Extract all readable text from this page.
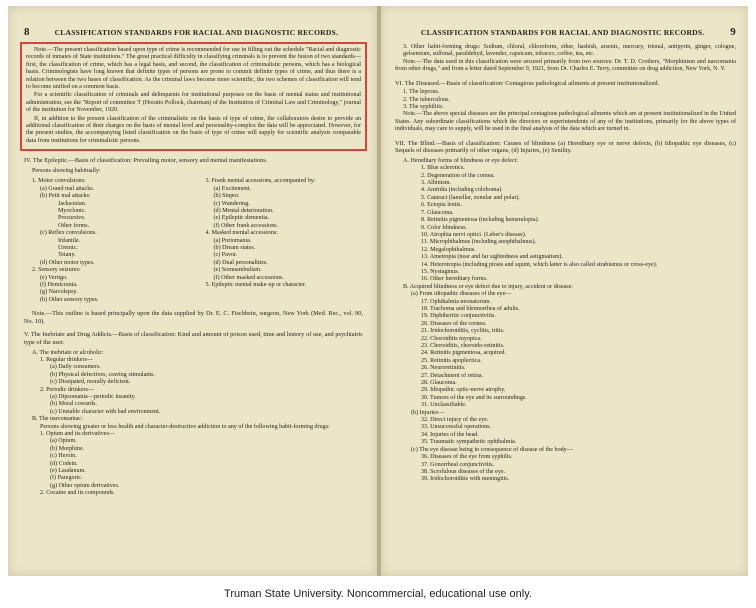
8	CLASSIFICATION STANDARDS FOR RACIAL AND DIAGNOSTIC RECORDS.

Note.—The present classification based upon type of crime is recommended for use in filling out the schedule "Racial and diagnostic records of inmates of State institutions." The great practical difficulty in classifying criminals is to prevent the fusion of two standards—first, the classification of crime, which has a legal basis, and second, the classification of criminalistic persons, which has a biological basis. Criminologists have long known that definite types of persons are prone to commit definite types of crime, and thus there is a relation between the two bases of classification. As the criminal laws become more scientific, the two schemes of classification will tend to become unified on a common basis.

For a scientific classification of criminals and delinquents for institutional purposes on the basis of mental status and institutional administration, see the "Report of committee 'I' (Horatio Pollock, chairman) of the Institution of Criminal Law and Criminology," journal of the institution for November, 1920.

If, in addition to the present classification of the criminalistic on the basis of type of crime, the collaborators desire to provide an additional classification of their charges on the basis of mental level and personality-complex the data will be appreciated. However, for the present studies, the accompanying listed classification on the basis of type of crime will supply for scientific analysis comparable data from institutions for criminalistic persons.

IV. The Epileptic.—Basis of classification: Prevailing motor, sensory and mental manifestations.

Persons showing habitually:

1. Motor convulsions:
(a) Grand mal attacks.
(b) Petit mal attacks:
Jacksonian.
Myoclonic.
Procursive.
Other forms.
(c) Reflex convulsions.
Infantile.
Uremic.
Tetany.
(d) Other motor types.
2. Sensory seizures:
(e) Vertigo.
(f) Hemicrania.
(g) Narcolepsy.
(h) Other sensory types.
3. Frank mental accessions, accompanied by:
(a) Excitement.
(b) Stupor.
(c) Wandering.
(d) Mental deterioration.
(e) Epileptic dementia.
(f) Other frank accessions.
4. Masked mental accessions:
(a) Poriomania.
(b) Dream states.
(c) Pavor.
(d) Dual personalities.
(e) Somnambulism.
(f) Other masked accessions.
5. Epileptic mental make-up or character.

Note.—This outline is based principally upon the data supplied by Dr. E. C. Fischbein, surgeon, New York (Med. Rec., vol. 90, No. 10).

V. The Inebriate and Drug Addicts.—Basis of classification: Kind and amount of poison used, time and history of use, and psychiatric type of the user.

A. The inebriate or alcoholic:
1. Regular drinkers—
(a) Daily consumers.
(b) Physical defectives, craving stimulants.
(c) Dissipated, morally deficient.
2. Periodic drinkers—
(a) Dipsomania—periodic insanity.
(b) Moral cowards.
(c) Unstable character with bad environment.
B. The narcomaniac:
Persons showing greater or less health and character-destructive addiction to any of the following habit-forming drugs:
1. Opium and its derivatives—
(a) Opium.
(b) Morphine.
(c) Heroin.
(d) Codein.
(e) Laudanum.
(f) Paregoric.
(g) Other opium derivatives.
2. Cocaine and its compounds.
CLASSIFICATION STANDARDS FOR RACIAL AND DIAGNOSTIC RECORDS. 9

3. Other habit-forming drugs: Sodium, chloral, chloroform, ether, hashish, arsenic, mercury, trional, antipyrin, ginger, cologne, gelsemium, sulfonal, paraldehyd, lavender, capsicum, tobacco, coffee, tea, etc.

Note.—The data used in this classification were secured primarily from two sources: Dr. T. D. Crothers, "Morphinism and narcomania from other drugs," and from a letter dated September 9, 1921, from Dr. Charles E. Terry, committee on drug addiction, New York, N. Y.

VI. The Diseased.—Basis of classification: Contagious pathological ailments at present institutionalized.

1. The leprous.
2. The tuberculous.
3. The syphilitic.

Note.—The above special diseases are the principal contagious pathological ailments which are at present institutionalized in the United States. Any subordinate classifications which the directors or superintendents of any of the institutions, primarily for the above types of individuals, may care to supply, will be used in the final analysis of the data which are turned in.

VII. The Blind.—Basis of classification: Causes of blindness (a) Hereditary eye or nerve defects, (b) Idiopathic eye diseases, (c) Sequels of diseases primarily of other organs, (d) Injuries, (e) Senility.

A. Hereditary forms of blindness or eye defect:
1. Blue sclerotics.
2. Degeneration of the cornea.
3. Albinism.
4. Aniridia (including coloboma).
5. Cataract (lamellar, zonular and polar).
6. Ectopia lentis.
7. Glaucoma.
8. Retinitis pigmentosa (including hemeralopia).
9. Color blindness.
10. Atrophia nervi optici. (Leber's disease).
11. Microphthalmus (including anophthalmus).
12. Megalophthalmus.
13. Ametropia (near and far sightedness and astigmatism).
14. Heterotropia (including ptosis and squint, which latter is also called strabismus or cross-eye).
15. Nystagmus.
16. Other hereditary forms.
B. Acquired blindness or eye defect due to injury, accident or disease:
(a) From idiopathic diseases of the eye—
17. Ophthalmia neonatorum.
18. Trachoma and blennorrhea of adults.
19. Diphtheritic conjunctivitis.
20. Diseases of the cornea.
21. Iridochoroiditis, cyclitis, iritis.
22. Choroiditis myopica.
23. Choroiditis, choroido-retinitis.
24. Retinitis pigmentosa, acquired.
25. Retinitis apoplectica.
26. Neuroretinitis.
27. Detachment of retina.
28. Glaucoma.
29. Idiopathic optic-nerve atrophy.
30. Tumors of the eye and its surroundings.
31. Unclassifiable.
(b) Injuries—
32. Direct injury of the eye.
33. Unsuccessful operations.
34. Injuries of the head.
35. Traumatic sympathetic ophthalmia.
(c) The eye disease being in consequence of disease of the body—
36. Diseases of the eye from syphilis.
37. Gonorrheal conjunctivitis.
38. Scrofulous diseases of the eye.
39. Iridochoroiditis with meningitis.
Truman State University. Noncommercial, educational use only.
